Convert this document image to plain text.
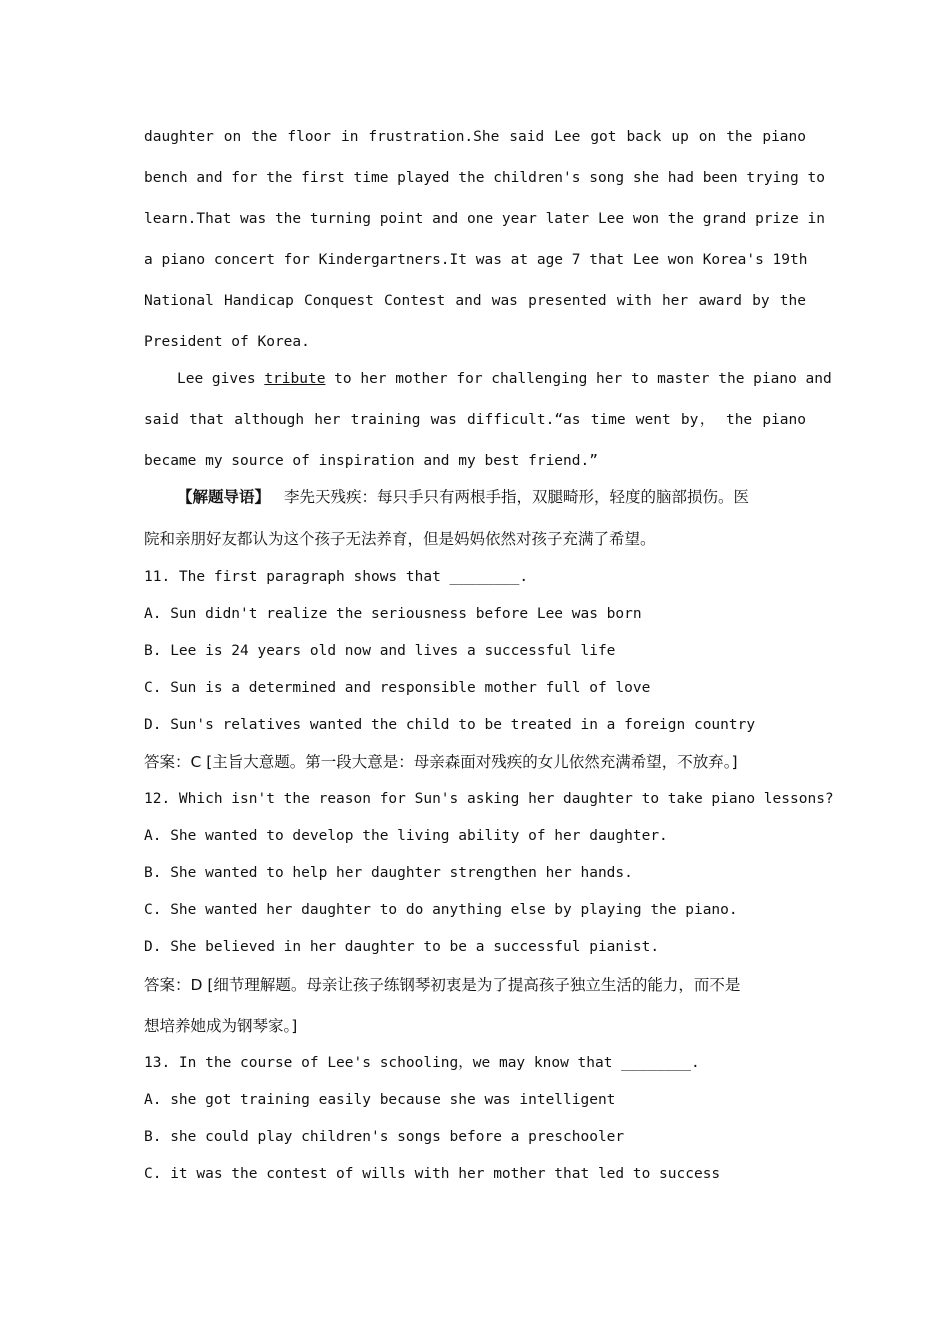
daughter on the floor in frustration.She said Lee got back up on the piano
bench and for the first time played the children's song she had been trying to
learn.That was the turning point and one year later Lee won the grand prize in
a piano concert for Kindergartners.It was at age 7 that Lee won Korea's 19th
National Handicap Conquest Contest and was presented with her award by the
President of Korea.
Lee gives tribute to her mother for challenging her to master the piano and
said that although her training was difficult.“as time went by， the piano
became my source of inspiration and my best friend.”
【解题导语】 李先天残疾：每只手只有两根手指，双腿畸形，轻度的脑部损伤。医
院和亲朋好友都认为这个孩子无法养育，但是妈妈依然对孩子充满了希望。
11. The first paragraph shows that ________.
A. Sun didn't realize the seriousness before Lee was born
B. Lee is 24 years old now and lives a successful life
C. Sun is a determined and responsible mother full of love
D. Sun's relatives wanted the child to be treated in a foreign country
答案：C [主旨大意题。第一段大意是：母亲森面对残疾的女儿依然充满希望，不放弃。]
12. Which isn't the reason for Sun's asking her daughter to take piano lessons?
A. She wanted to develop the living ability of her daughter.
B. She wanted to help her daughter strengthen her hands.
C. She wanted her daughter to do anything else by playing the piano.
D. She believed in her daughter to be a successful pianist.
答案：D [细节理解题。母亲让孩子练钢琴初衷是为了提高孩子独立生活的能力，而不是
想培养她成为钢琴家。]
13. In the course of Lee's schooling，we may know that ________.
A. she got training easily because she was intelligent
B. she could play children's songs before a preschooler
C. it was the contest of wills with her mother that led to success
